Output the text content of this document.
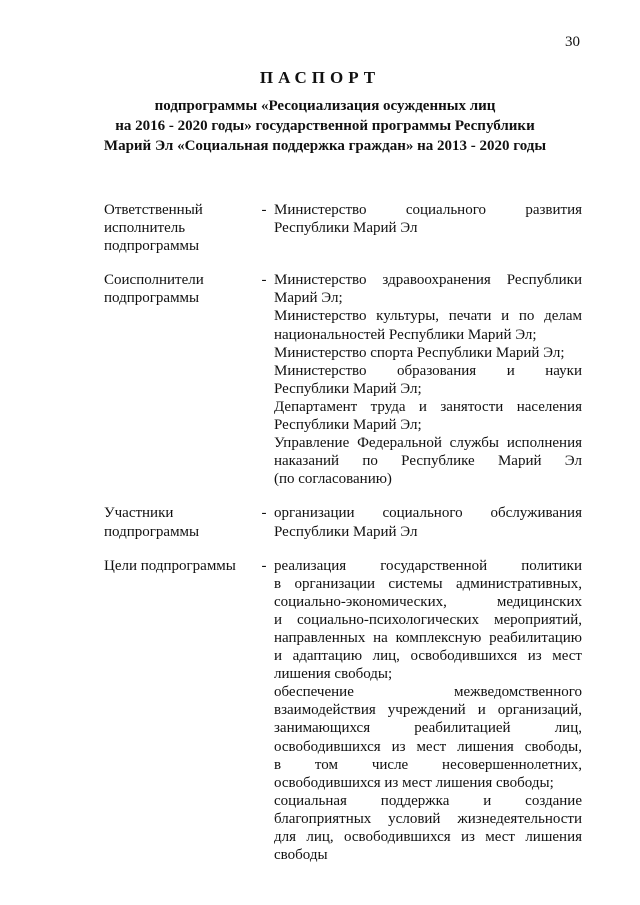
30
ПАСПОРТ
подпрограммы «Ресоциализация осужденных лиц
на 2016 - 2020 годы» государственной программы Республики
Марий Эл «Социальная поддержка граждан» на 2013 - 2020 годы
Ответственный
исполнитель
подпрограммы
- Министерство социального развития
Республики Марий Эл
Соисполнители
подпрограммы
- Министерство здравоохранения Республики
Марий Эл;
Министерство культуры, печати и по делам
национальностей Республики Марий Эл;
Министерство спорта Республики Марий Эл;
Министерство образования и науки
Республики Марий Эл;
Департамент труда и занятости населения
Республики Марий Эл;
Управление Федеральной службы исполнения
наказаний по Республике Марий Эл
(по согласованию)
Участники
подпрограммы
- организации социального обслуживания
Республики Марий Эл
Цели подпрограммы	- реализация государственной политики
в организации системы административных,
социально-экономических, медицинских
и социально-психологических мероприятий,
направленных на комплексную реабилитацию
и адаптацию лиц, освободившихся из мест
лишения свободы;
обеспечение межведомственного
взаимодействия учреждений и организаций,
занимающихся реабилитацией лиц,
освободившихся из мест лишения свободы,
в том числе несовершеннолетних,
освободившихся из мест лишения свободы;
социальная поддержка и создание
благоприятных условий жизнедеятельности
для лиц, освободившихся из мест лишения
свободы
